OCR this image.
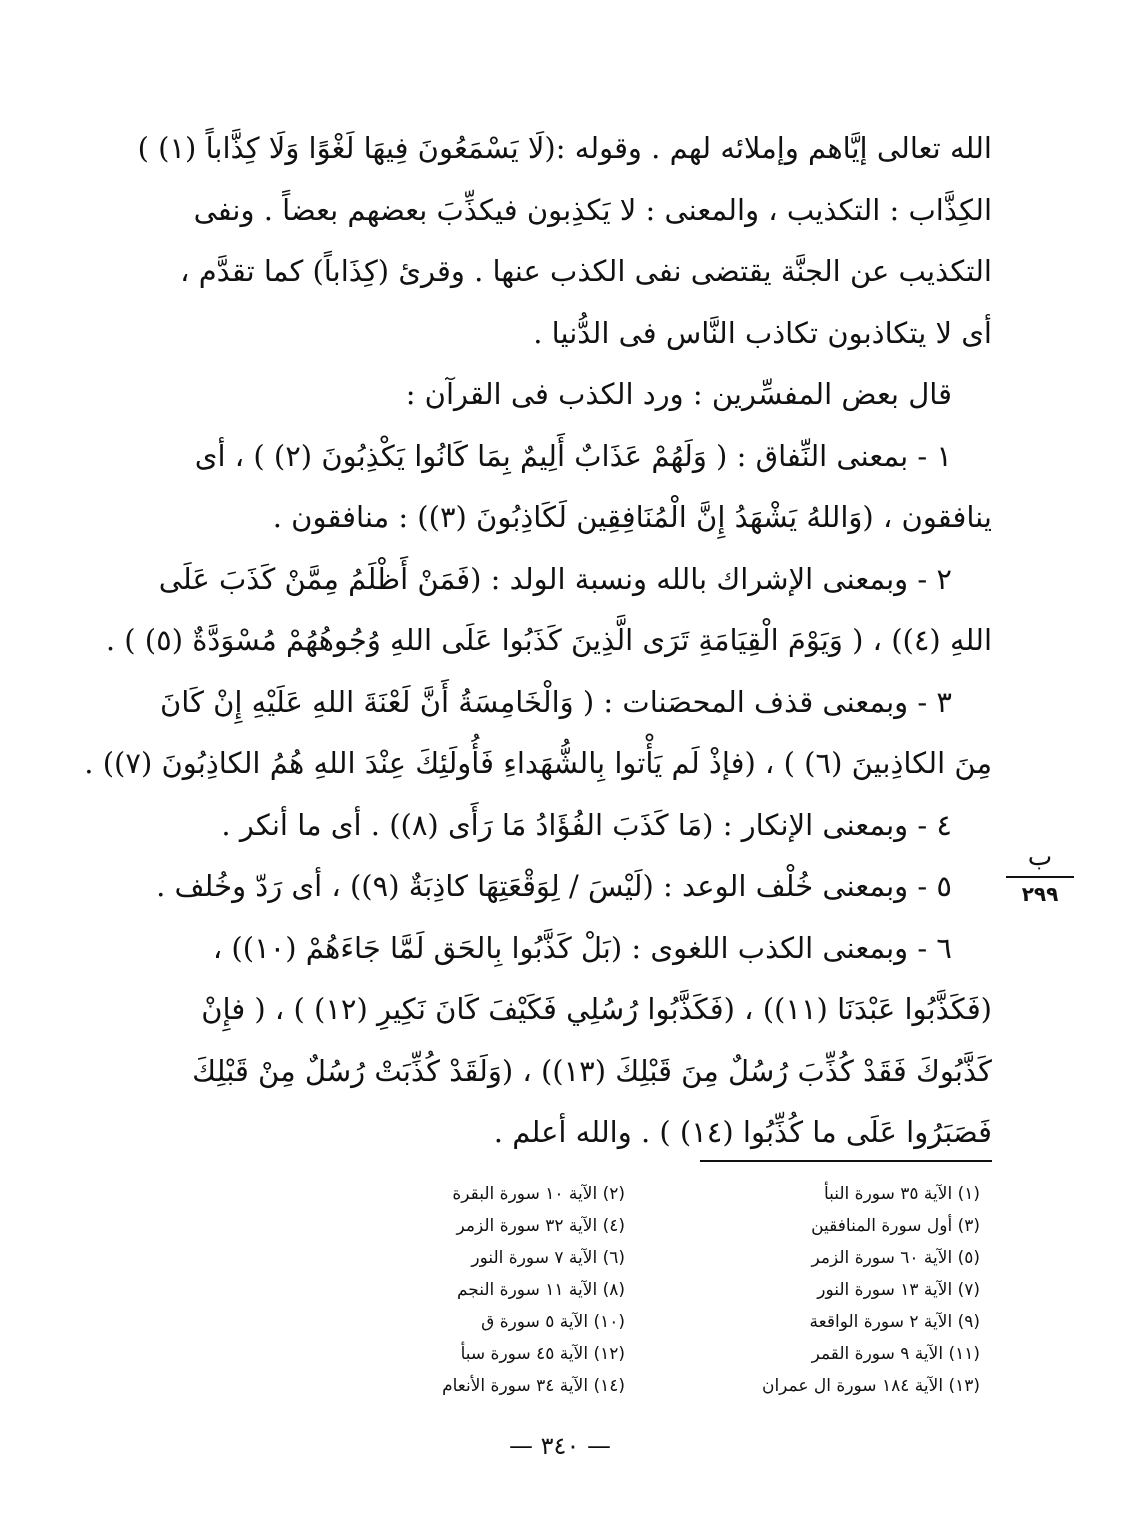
الله تعالى إيَّاهم وإملائه لهم . وقوله :(لَا يَسْمَعُونَ فِيهَا لَغْوًا وَلَا كِذَّاباً (١) )
الكِذَّاب : التكذيب ، والمعنى : لا يَكذِبون فيكذِّبَ بعضهم بعضاً . ونفى
التكذيب عن الجنَّة يقتضى نفى الكذب عنها . وقرئ (كِذَاباً) كما تقدَّم ،
أى لا يتكاذبون تكاذب النَّاس فى الدُّنيا .
قال بعض المفسِّرين : ورد الكذب فى القرآن :
١ - بمعنى النِّفاق : ( وَلَهُمْ عَذَابٌ أَلِيمٌ بِمَا كَانُوا يَكْذِبُونَ (٢) ) ، أى
ينافقون ، (وَاللهُ يَشْهَدُ إِنَّ الْمُنَافِقِين لَكَاذِبُونَ (٣)) : منافقون .
٢ - وبمعنى الإشراك بالله ونسبة الولد : (فَمَنْ أَظْلَمُ مِمَّنْ كَذَبَ عَلَى
اللهِ (٤)) ، ( وَيَوْمَ الْقِيَامَةِ تَرَى الَّذِينَ كَذَبُوا عَلَى اللهِ وُجُوهُهُمْ مُسْوَدَّةٌ (٥) ) .
٣ - وبمعنى قذف المحصَنات : ( وَالْخَامِسَةُ أَنَّ لَعْنَةَ اللهِ عَلَيْهِ إِنْ كَانَ
مِنَ الكاذِبينَ (٦) ) ، (فإذْ لَم يَأْتوا بِالشُّهَداءِ فَأُولَئِكَ عِنْدَ اللهِ هُمُ الكاذِبُونَ (٧)) .
٤ - وبمعنى الإنكار : (مَا كَذَبَ الفُؤَادُ مَا رَأَى (٨)) . أى ما أنكر .
٥ - وبمعنى خُلْف الوعد : (لَيْسَ / لِوَقْعَتِهَا كاذِبَةٌ (٩)) ، أى رَدّ وخُلف .
٦ - وبمعنى الكذب اللغوى : (بَلْ كَذَّبُوا بِالحَق لَمَّا جَاءَهُمْ (١٠)) ،
(فَكَذَّبُوا عَبْدَنَا (١١)) ، (فَكَذَّبُوا رُسُلِي فَكَيْفَ كَانَ نَكِيرِ (١٢) ) ، ( فإِنْ
كَذَّبُوكَ فَقَدْ كُذِّبَ رُسُلٌ مِنَ قَبْلِكَ (١٣)) ، (وَلَقَدْ كُذِّبَتْ رُسُلٌ مِنْ قَبْلِكَ
فَصَبَرُوا عَلَى ما كُذِّبُوا (١٤) ) . والله أعلم .
ب
٢٩٩
(١) الآية ٣٥ سورة النبأ
(٢) الآية ١٠ سورة البقرة
(٣) أول سورة المنافقين
(٤) الآية ٣٢ سورة الزمر
(٥) الآية ٦٠ سورة الزمر
(٦) الآية ٧ سورة النور
(٧) الآية ١٣ سورة النور
(٨) الآية ١١ سورة النجم
(٩) الآية ٢ سورة الواقعة
(١٠) الآية ٥ سورة ق
(١١) الآية ٩ سورة القمر
(١٢) الآية ٤٥ سورة سبأ
(١٣) الآية ١٨٤ سورة ال عمران
(١٤) الآية ٣٤ سورة الأنعام
— ٣٤٠ —
